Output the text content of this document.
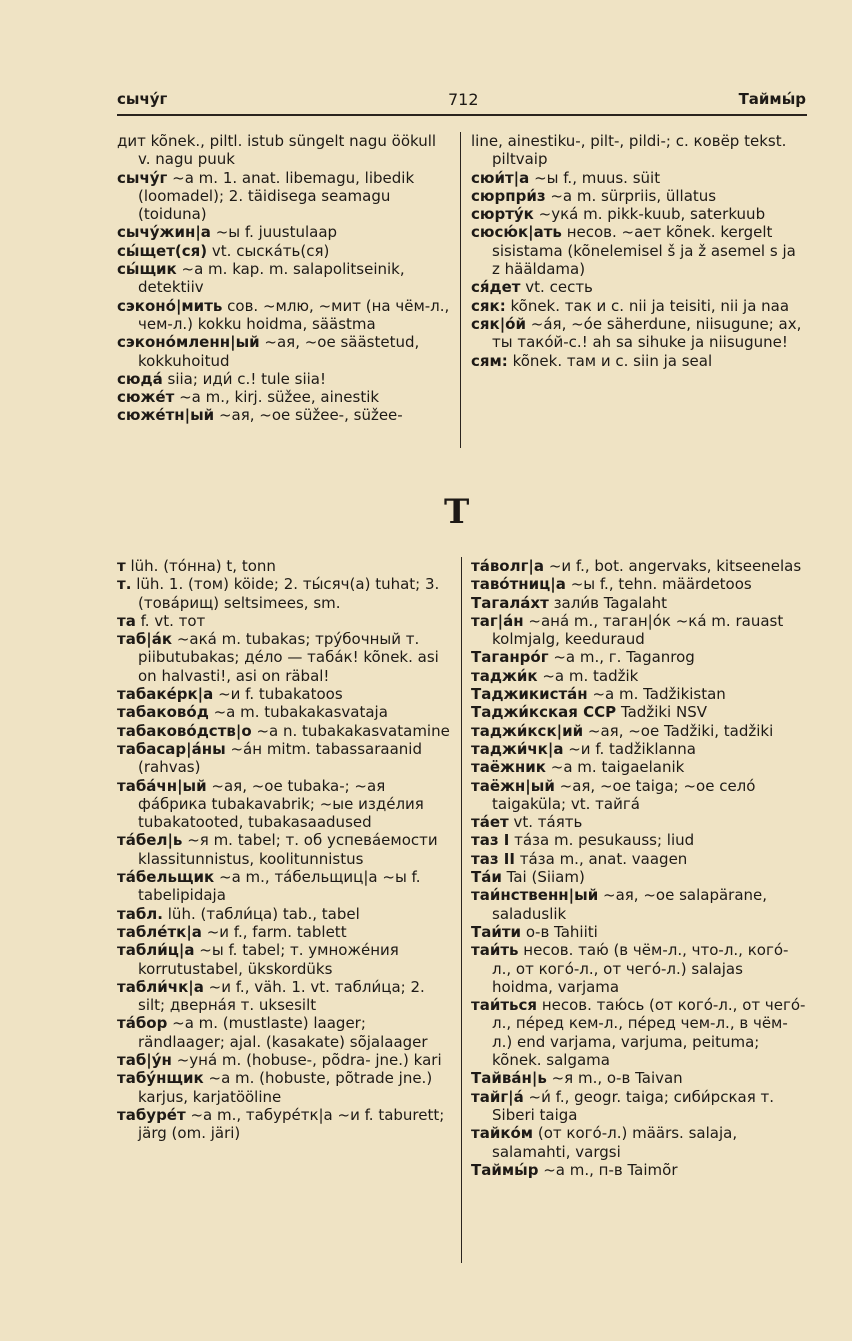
сычу́г	712	Таймы́р

дит kõnek., piltl. istub süngelt nagu öökull v. nagu puuk

сычу́г ~а m. 1. anat. libemagu, libedik (loomadel); 2. täidisega seamagu (toiduna)

сычу́жин|а ~ы f. juustulaap

сы́щет(ся) vt. сыска́ть(ся)

сы́щик ~а m. kap. m. salapolitseinik, detektiiv

сэконо́|мить сов. ~млю, ~мит (на чём-л., чем-л.) kokku hoidma, säästma

сэконо́мленн|ый ~ая, ~ое säästetud, kokkuhoitud

сюда́ siia; иди́ с.! tule siia!

сюже́т ~а m., kirj. süžee, ainestik

сюже́тн|ый ~ая, ~ое süžee-, süžee-

line, ainestiku-, pilt-, pildi-; с. ковёр tekst. piltvaip

сюи́т|а ~ы f., muus. süit

сюрпри́з ~а m. sürpriis, üllatus

сюрту́к ~ука́ m. pikk-kuub, saterkuub

сюсю́к|ать несов. ~ает kõnek. kergelt sisistama (kõnelemisel š ja ž asemel s ja z hääldama)

ся́дет vt. сесть

сяк: kõnek. так и с. nii ja teisiti, nii ja naa

сяк|о́й ~а́я, ~о́е säherdune, niisugune; ах, ты тако́й-с.! ah sa sihuke ja niisugune!

сям: kõnek. там и с. siin ja seal

Т

т lüh. (то́нна) t, tonn

т. lüh. 1. (том) köide; 2. ты́сяч(а) tuhat; 3. (това́рищ) seltsimees, sm.

та f. vt. тот

таб|а́к ~ака́ m. tubakas; тру́бочный т. piibutubakas; де́ло — таба́к! kõnek. asi on halvasti!, asi on räbal!

табаке́рк|а ~и f. tubakatoos

табаково́д ~а m. tubakakasvataja

табаково́дств|о ~а n. tubakakasvatamine

табасар|а́ны ~а́н mitm. tabassaraanid (rahvas)

таба́чн|ый ~ая, ~ое tubaka-; ~ая фа́брика tubakavabrik; ~ые изде́лия tubakatooted, tubakasaadused

та́бел|ь ~я m. tabel; т. об успева́емости klassitunnistus, koolitunnistus

та́бельщик ~а m., та́бельщиц|а ~ы f. tabelipidaja

табл. lüh. (табли́ца) tab., tabel

табле́тк|а ~и f., farm. tablett

табли́ц|а ~ы f. tabel; т. умноже́ния korrutustabel, ükskordüks

табли́чк|а ~и f., väh. 1. vt. табли́ца; 2. silt; дверна́я т. uksesilt

та́бор ~а m. (mustlaste) laager; rändlaager; ajal. (kasakate) sõjalaager

таб|у́н ~уна́ m. (hobuse-, põdra- jne.) kari

табу́нщик ~а m. (hobuste, põtrade jne.) karjus, karjatööline

табуре́т ~а m., табуре́тк|а ~и f. taburett; järg (om. järi)

та́волг|а ~и f., bot. angervaks, kitseenelas

таво́тниц|а ~ы f., tehn. määrdetoos

Тагала́хт зали́в Tagalaht

таг|а́н ~ана́ m., таган|о́к ~ка́ m. rauast kolmjalg, keeduraud

Таганро́г ~а m., г. Taganrog

таджи́к ~а m. tadžik

Таджикиста́н ~а m. Tadžikistan

Таджи́кская ССР Tadžiki NSV

таджи́кск|ий ~ая, ~ое Tadžiki, tadžiki

таджи́чк|а ~и f. tadžiklanna

таёжник ~а m. taigaelanik

таёжн|ый ~ая, ~ое taiga; ~ое село́ taigaküla; vt. тайга́

та́ет vt. та́ять

таз I та́за m. pesukauss; liud

таз II та́за m., anat. vaagen

Та́и Tai (Siiam)

таи́нственн|ый ~ая, ~ое salapärane, saladuslik

Таи́ти о-в Tahiiti

таи́ть несов. таю́ (в чём-л., что-л., кого́-л., от кого́-л., от чего́-л.) salajas hoidma, varjama

таи́ться несов. таю́сь (от кого́-л., от чего́-л., пе́ред кем-л., пе́ред чем-л., в чём-л.) end varjama, varjuma, peituma; kõnek. salgama

Тайва́н|ь ~я m., о-в Taivan

тайг|а́ ~и́ f., geogr. taiga; сиби́рская т. Siberi taiga

тайко́м (от кого́-л.) määrs. salaja, salamahti, vargsi

Таймы́р ~а m., п-в Taimõr
